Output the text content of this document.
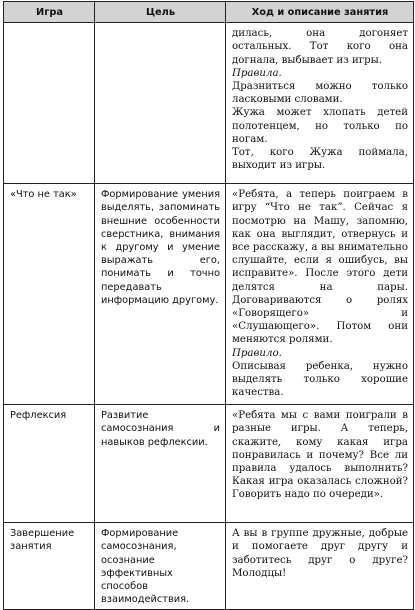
Игра	Цель	Ход и описание занятия

		дилась, она догоняет остальных. Тот кого она догнала, выбывает из игры.

Правила.

Дразниться можно только ласковыми словами.

Жужа может хлопать детей полотенцем, но только по ногам.

Тот, кого Жужа поймала, выходит из игры.

«Что не так»	Формирование умения выделять, запоминать внешние особенности сверстника, внимания к другому и умение выражать его, понимать и точно передавать информацию другому.	«Ребята, а теперь поиграем в игру “Что не так”. Сейчас я посмотрю на Машу, запомню, как она выглядит, отвернусь и все расскажу, а вы внимательно слушайте, если я ошибусь, вы исправите». После этого дети делятся на пары. Договариваются о ролях «Говорящего» и «Слушающего». Потом они меняются ролями.

Правило.

Описывая ребенка, нужно выделять только хорошие качества.

Рефлексия	Развитие самосознания и навыков рефлексии.	«Ребята мы с вами поиграли в разные игры. А теперь, скажите, кому какая игра понравилась и почему? Все ли правила удалось выполнить? Какая игра оказалась сложной? Говорить надо по очереди».

Завершение занятия	Формирование самосознания, осознание эффективных способов взаимодействия.	А вы в группе дружные, добрые и помогаете друг другу и заботитесь друг о друге? Молодцы!
